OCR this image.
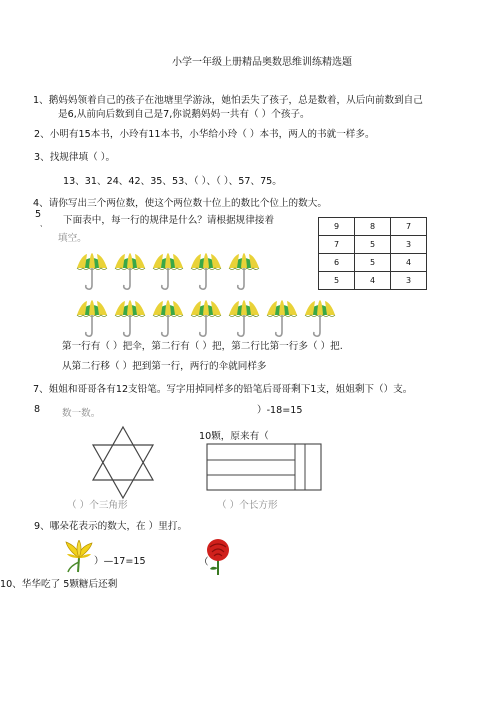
小学一年级上册精品奥数思维训练精选题
1、鹅妈妈领着自己的孩子在池塘里学游泳，她怕丢失了孩子，总是数着，从后向前数到自己
是6,从前向后数到自己是7,你说鹅妈妈一共有（ ）个孩子。
2、小明有15本书，小玲有11本书，小华给小玲（ ）本书，两人的书就一样多。
3、找规律填（ ）。
13、31、24、42、35、53、（ ）、（ ）、57、75。
4、请你写出三个两位数，使这个两位数十位上的数比个位上的数大。
5
、 下面表中，每一行的规律是什么？请根据规律接着
填空。
9	8	7
7	5	3
6	5	4
5	4	3
第一行有（ ）把伞，第二行有（ ）把，第二行比第一行多（ ）把.
从第二行移（ ）把到第一行，两行的伞就同样多
7、姐姐和哥哥各有12支铅笔。写字用掉同样多的铅笔后哥哥剩下1支，姐姐剩下（）支。
8 数一数。	）-18=15
10颗，原来有（
（ ）个三角形	（ ）个长方形
9、哪朵花表示的数大，在 ）里打。
）—17=15	（
10、华华吃了 5颗糖后还剩
